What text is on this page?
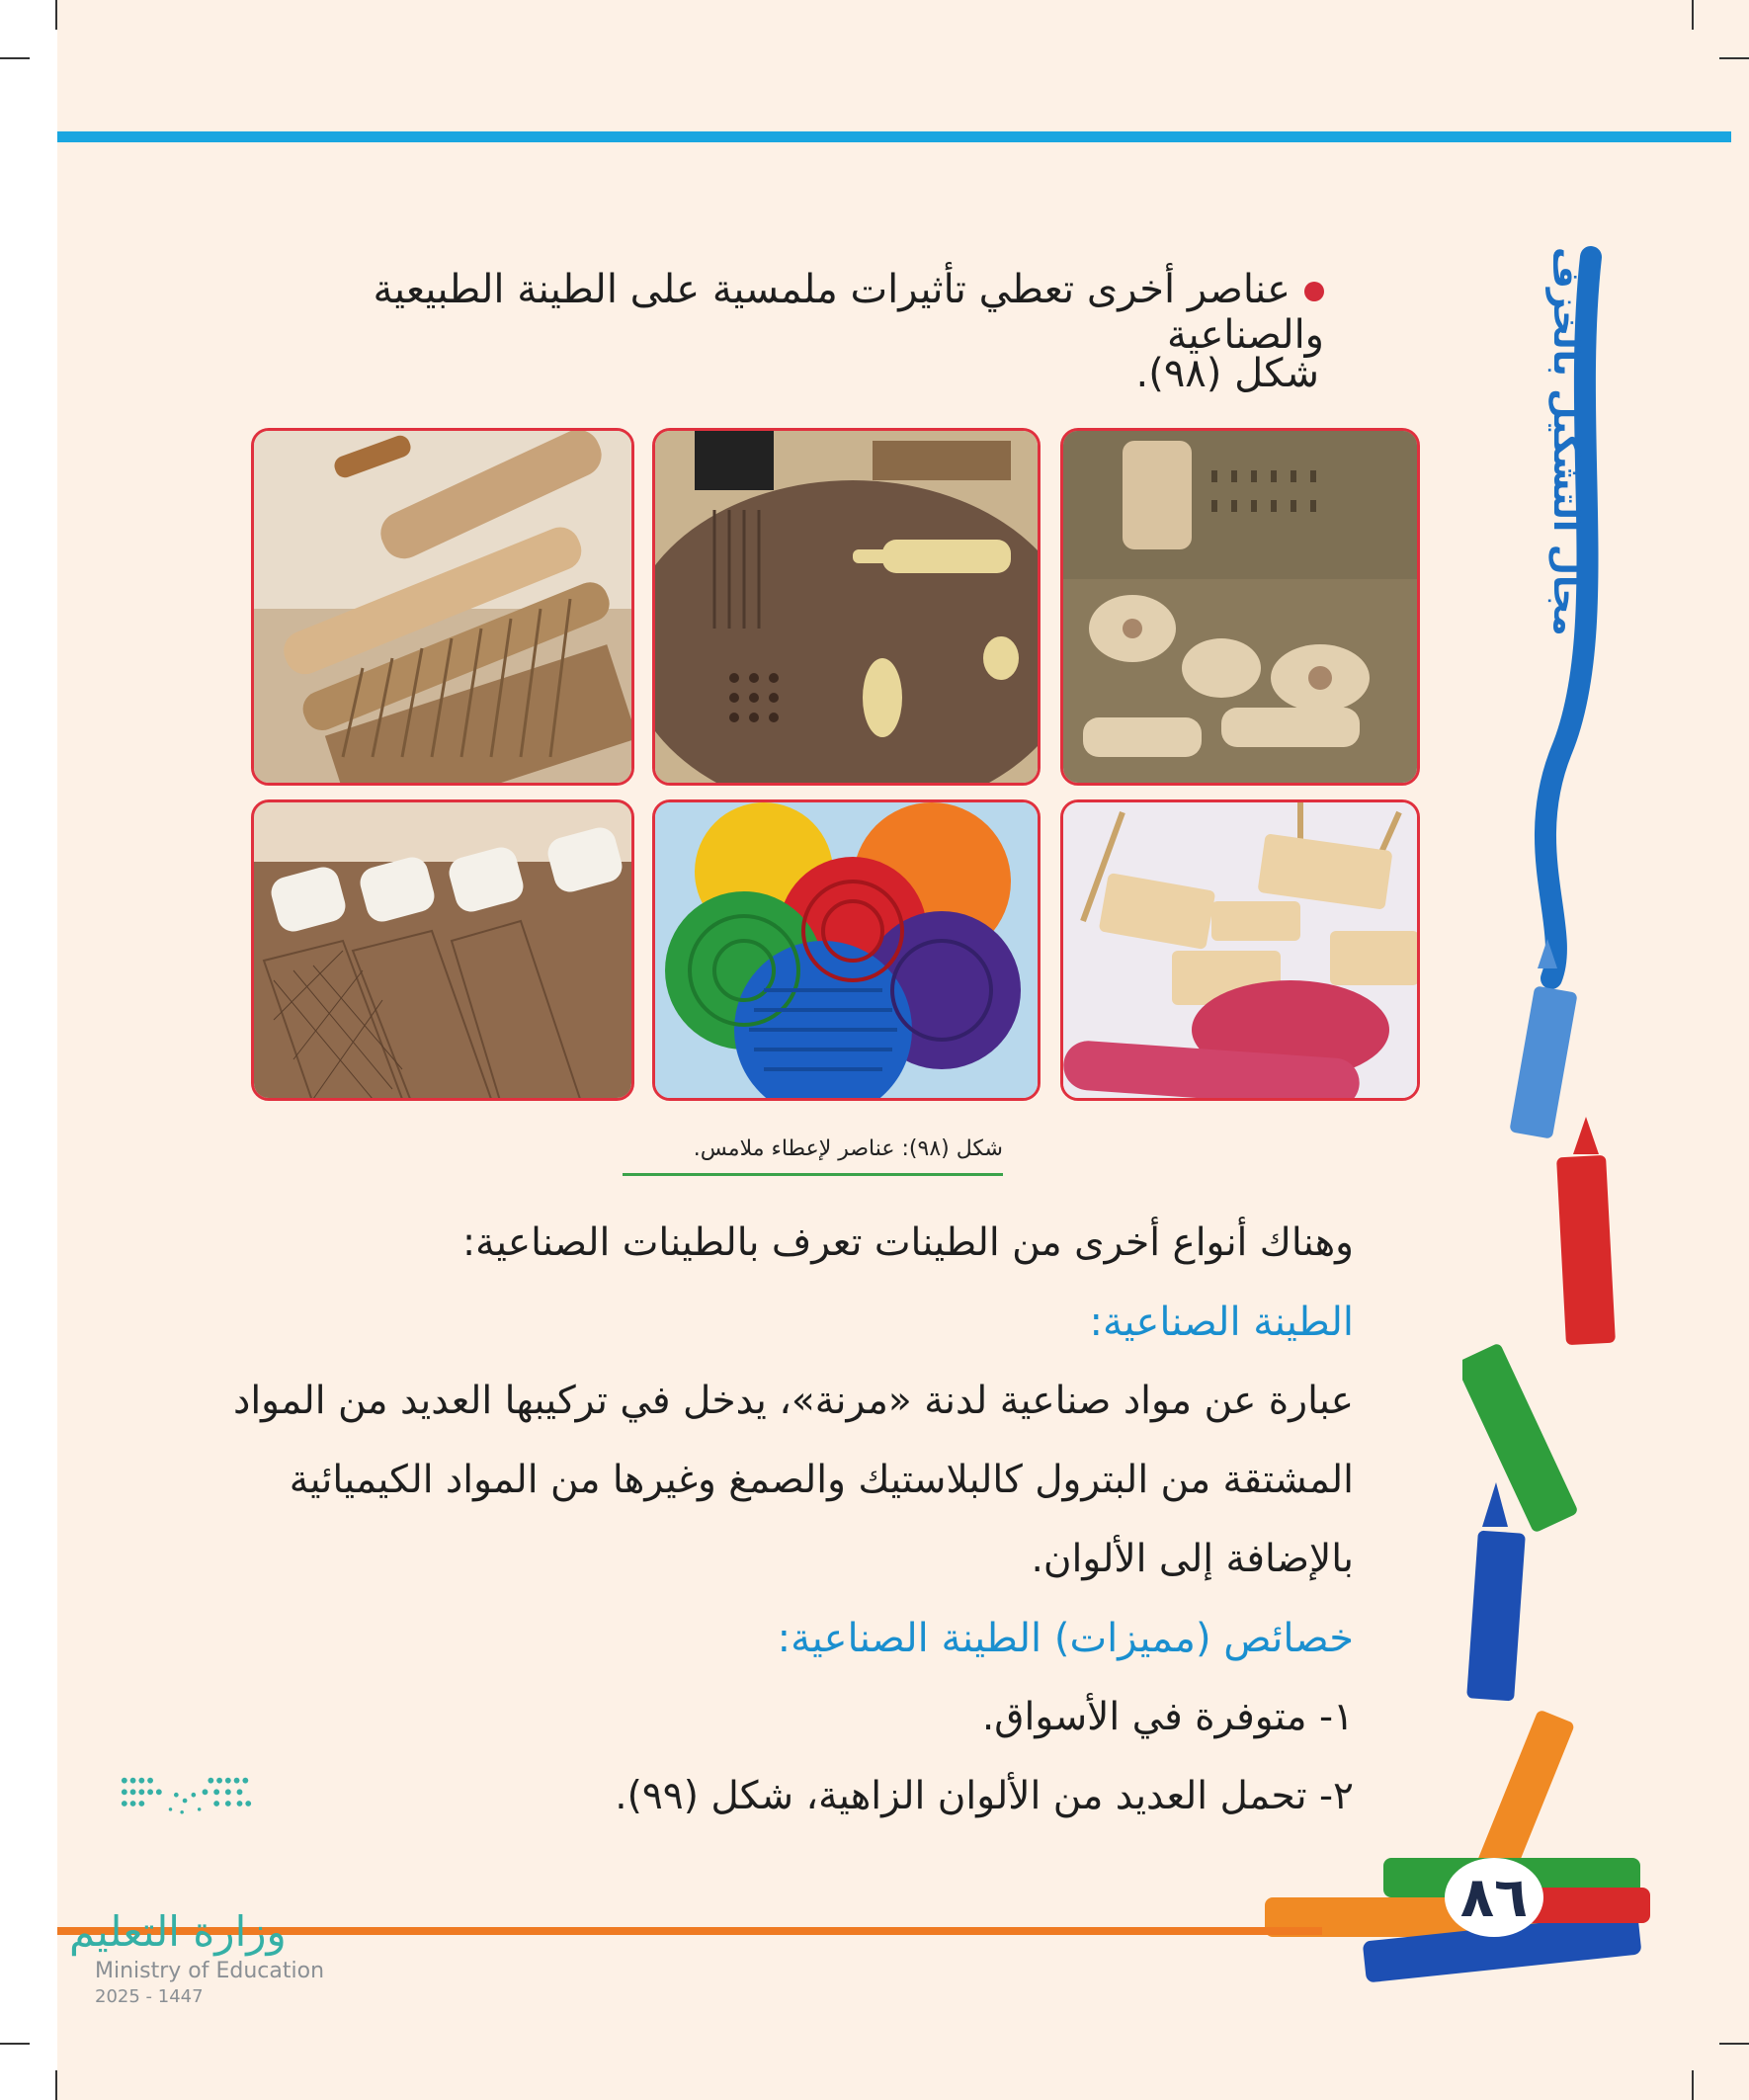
عناصر أخرى تعطي تأثيرات ملمسية على الطينة الطبيعية والصناعية
شكل (٩٨).
شكل (٩٨): عناصر لإعطاء ملامس.
وهناك أنواع أخرى من الطينات تعرف بالطينات الصناعية:
الطينة الصناعية:
عبارة عن مواد صناعية لدنة «مرنة»، يدخل في تركيبها العديد من المواد
المشتقة من البترول كالبلاستيك والصمغ وغيرها من المواد الكيميائية
بالإضافة إلى الألوان.
خصائص (مميزات) الطينة الصناعية:
١- متوفرة في الأسواق.
٢- تحمل العديد من الألوان الزاهية، شكل (٩٩).
مجال التشكيل بالخزف
٨٦
وزارة التعليم
Ministry of Education
2025 - 1447
